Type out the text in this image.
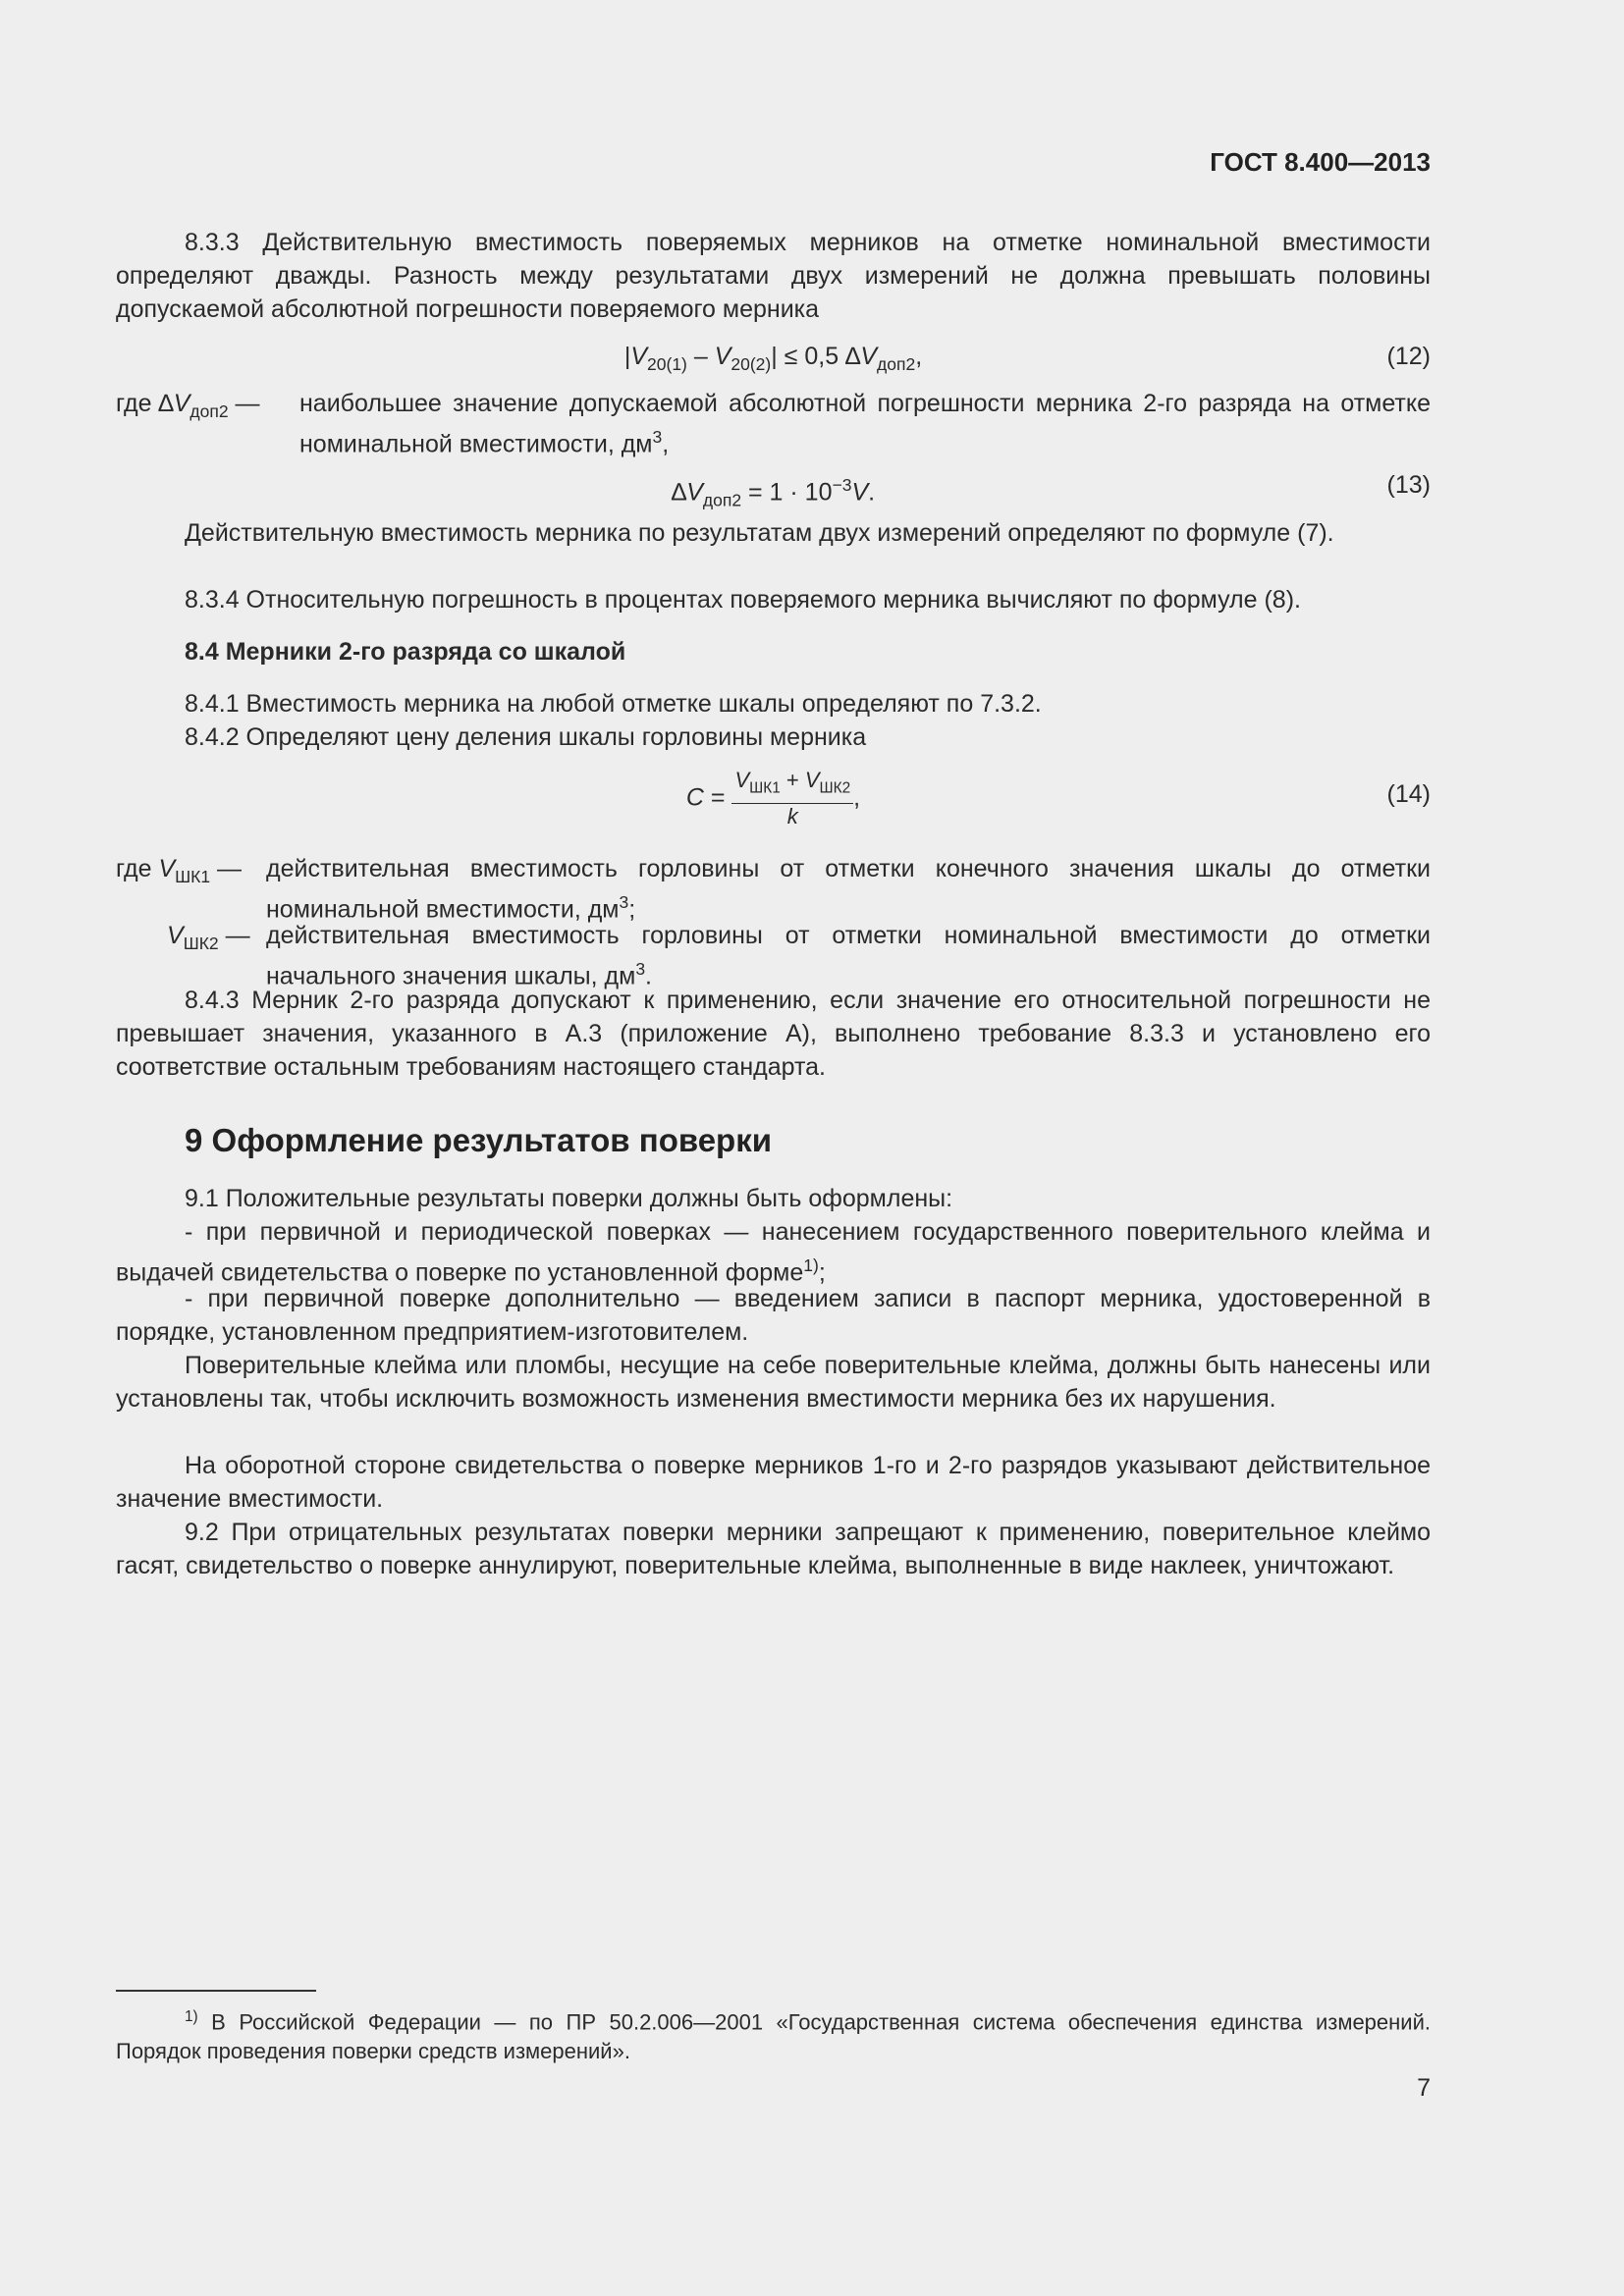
ГОСТ 8.400—2013
8.3.3 Действительную вместимость поверяемых мерников на отметке номинальной вместимости определяют дважды. Разность между результатами двух измерений не должна превышать половины допускаемой абсолютной погрешности поверяемого мерника
$|V_{20(1)} - V_{20(2)}| \le 0,5$ $\Delta V_{доп2}$,	(12)
где $\Delta V_{доп2}$ — наибольшее значение допускаемой абсолютной погрешности мерника 2-го разряда на отметке номинальной вместимости, $дм^3$,
$\Delta V_{доп2} = 1 \cdot 10^{-3}V$.	(13)
Действительную вместимость мерника по результатам двух измерений определяют по формуле (7).
8.3.4 Относительную погрешность в процентах поверяемого мерника вычисляют по формуле (8).
8.4 Мерники 2-го разряда со шкалой
8.4.1 Вместимость мерника на любой отметке шкалы определяют по 7.3.2.
8.4.2 Определяют цену деления шкалы горловины мерника
$C = \frac{V_{ШК1} + V_{ШК2}}{k}$ ,	(14)
где $V_{ШК1}$ — действительная вместимость горловины от отметки конечного значения шкалы до отметки номинальной вместимости, $дм^3$;
$V_{ШК2}$ — действительная вместимость горловины от отметки номинальной вместимости до отметки начального значения шкалы, $дм^3$.
8.4.3 Мерник 2-го разряда допускают к применению, если значение его относительной погрешности не превышает значения, указанного в А.3 (приложение А), выполнено требование 8.3.3 и установлено его соответствие остальным требованиям настоящего стандарта.
9 Оформление результатов поверки
9.1 Положительные результаты поверки должны быть оформлены:
- при первичной и периодической поверках — нанесением государственного поверительного клейма и выдачей свидетельства о поверке по установленной форме$^{1)}$;
- при первичной поверке дополнительно — введением записи в паспорт мерника, удостоверенной в порядке, установленном предприятием-изготовителем.
Поверительные клейма или пломбы, несущие на себе поверительные клейма, должны быть нанесены или установлены так, чтобы исключить возможность изменения вместимости мерника без их нарушения.
На оборотной стороне свидетельства о поверке мерников 1-го и 2-го разрядов указывают действительное значение вместимости.
9.2 При отрицательных результатах поверки мерники запрещают к применению, поверительное клеймо гасят, свидетельство о поверке аннулируют, поверительные клейма, выполненные в виде наклеек, уничтожают.
$^{1)}$ В Российской Федерации — по ПР 50.2.006—2001 «Государственная система обеспечения единства измерений. Порядок проведения поверки средств измерений».
7
